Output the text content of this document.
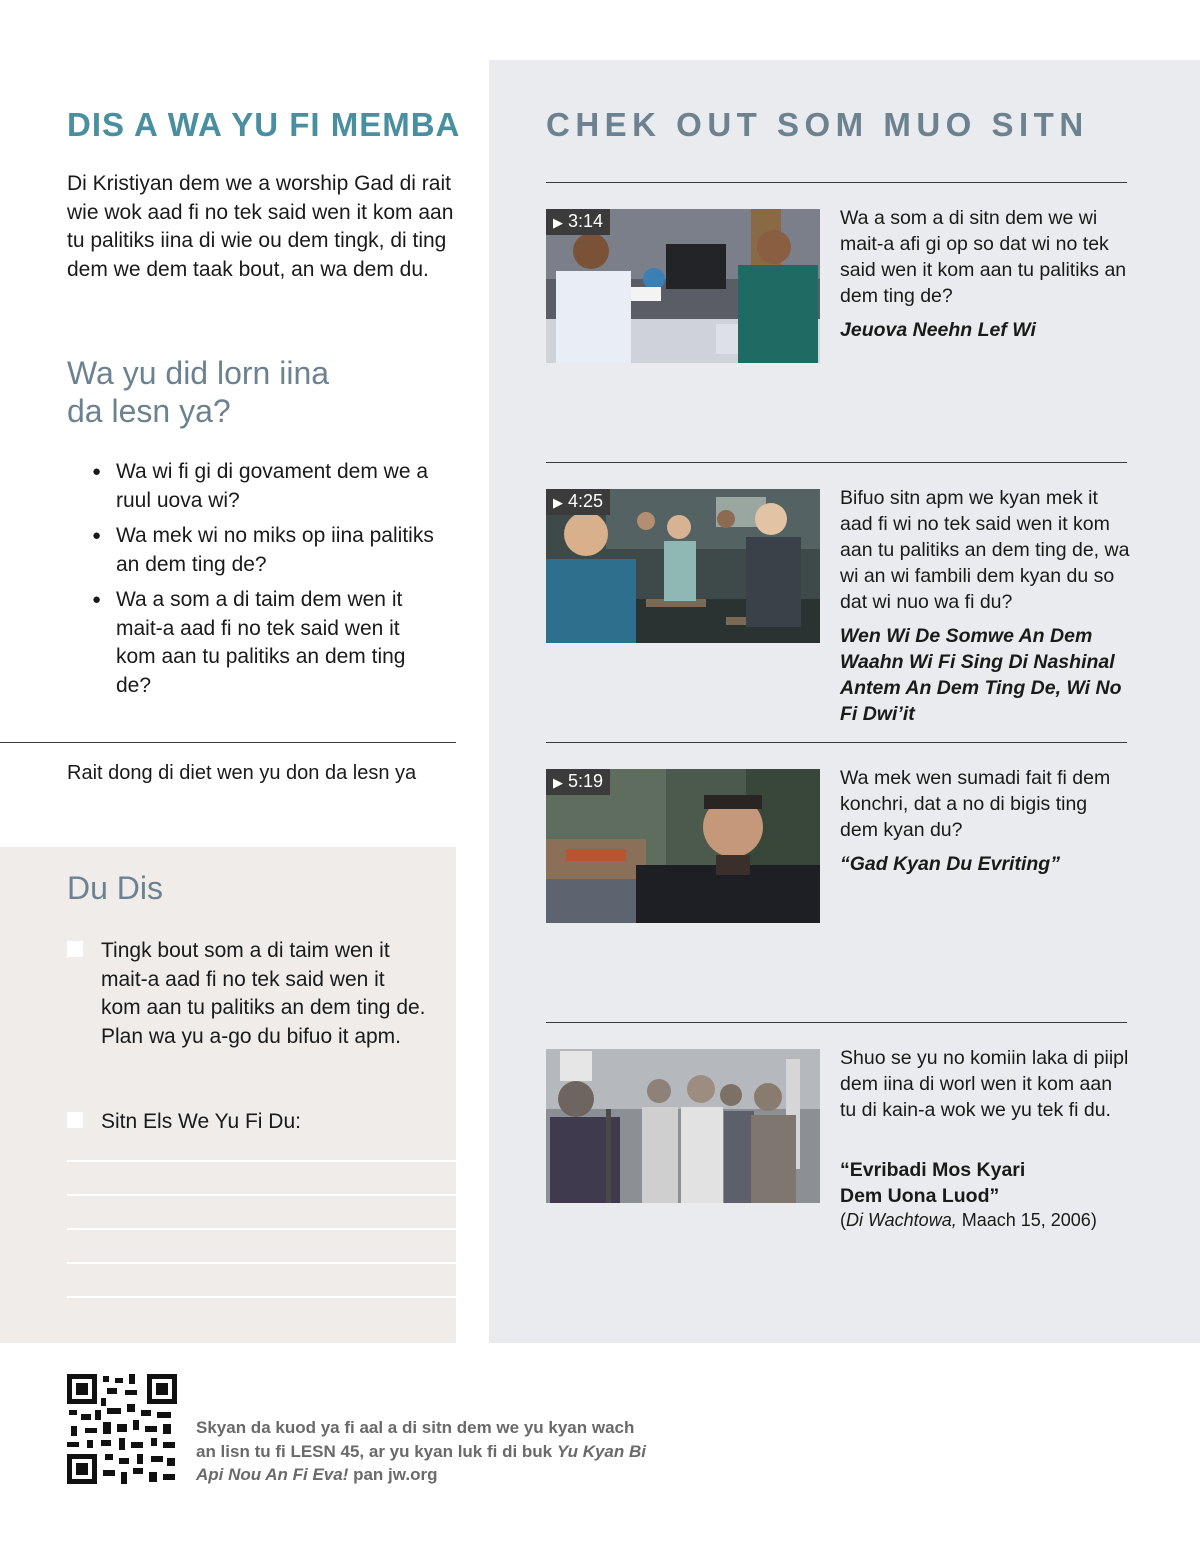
DIS A WA YU FI MEMBA

Di Kristiyan dem we a worship Gad di rait wie wok aad fi no tek said wen it kom aan tu palitiks iina di wie ou dem tingk, di ting dem we dem taak bout, an wa dem du.

Wa yu did lorn iina
da lesn ya?
● Wa wi fi gi di govament dem we a ruul uova wi?
● Wa mek wi no miks op iina palitiks an dem ting de?
● Wa a som a di taim dem wen it mait-a aad fi no tek said wen it kom aan tu palitiks an dem ting de?

Rait dong di diet wen yu don da lesn ya

Du Dis

Tingk bout som a di taim wen it mait-a aad fi no tek said wen it kom aan tu palitiks an dem ting de. Plan wa yu a-go du bifuo it apm.

Sitn Els We Yu Fi Du:

CHEK OUT SOM MUO SITN
▶ 3:14	Wa a som a di sitn dem we wi mait-a afi gi op so dat wi no tek said wen it kom aan tu palitiks an dem ting de?

Jeuova Neehn Lef Wi

▶ 4:25	Bifuo sitn apm we kyan mek it aad fi wi no tek said wen it kom aan tu palitiks an dem ting de, wa wi an wi fambili dem kyan du so dat wi nuo wa fi du?

Wen Wi De Somwe An Dem Waahn Wi Fi Sing Di Nashinal Antem An Dem Ting De, Wi No Fi Dwi’it

▶ 5:19	Wa mek wen sumadi fait fi dem konchri, dat a no di bigis ting dem kyan du?

“Gad Kyan Du Evriting”

Shuo se yu no komiin laka di piipl dem iina di worl wen it kom aan tu di kain-a wok we yu tek fi du.

“Evribadi Mos Kyari
Dem Uona Luod”

(Di Wachtowa, Maach 15, 2006)

Skyan da kuod ya fi aal a di sitn dem we yu kyan wach an lisn tu fi LESN 45, ar yu kyan luk fi di buk Yu Kyan Bi Api Nou An Fi Eva! pan jw.org
